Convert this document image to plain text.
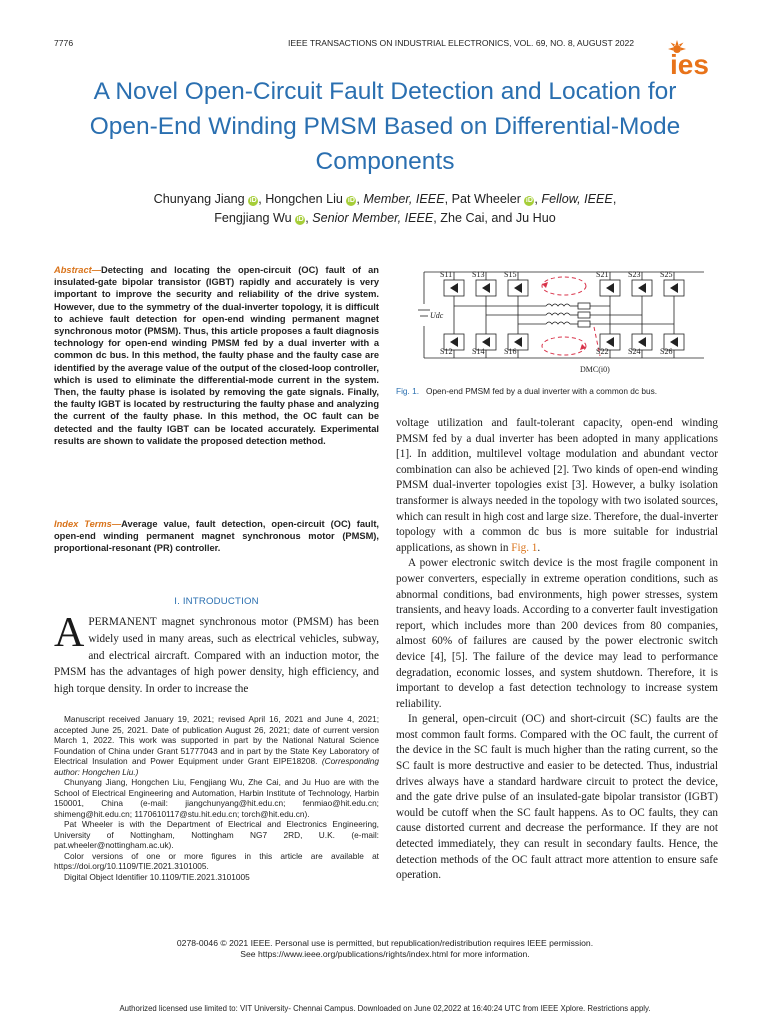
7776	IEEE TRANSACTIONS ON INDUSTRIAL ELECTRONICS, VOL. 69, NO. 8, AUGUST 2022
ies
A Novel Open-Circuit Fault Detection and Location for Open-End Winding PMSM Based on Differential-Mode Components
Chunyang Jiang iD , Hongchen Liu iD , Member, IEEE, Pat Wheeler iD , Fellow, IEEE,
Fengjiang Wu iD , Senior Member, IEEE, Zhe Cai, and Ju Huo
Abstract—Detecting and locating the open-circuit (OC) fault of an insulated-gate bipolar transistor (IGBT) rapidly and accurately is very important to improve the security and reliability of the drive system. However, due to the symmetry of the dual-inverter topology, it is difficult to achieve fault detection for open-end winding permanent magnet synchronous motor (PMSM). Thus, this article proposes a fault diagnosis technology for open-end winding PMSM fed by a dual inverter with a common dc bus. In this method, the faulty phase and the faulty case are identified by the average value of the output of the closed-loop controller, which is used to eliminate the differential-mode current in the system. Then, the faulty phase is isolated by removing the gate signals. Finally, the faulty IGBT is located by restructuring the faulty phase and analyzing the current of the faulty phase. In this method, the OC fault can be detected and the faulty IGBT can be located accurately. Experimental results are shown to validate the proposed detection method.
Index Terms—Average value, fault detection, open-circuit (OC) fault, open-end winding permanent magnet synchronous motor (PMSM), proportional-resonant (PR) controller.
I. INTRODUCTION
APERMANENT magnet synchronous motor (PMSM) has been widely used in many areas, such as electrical vehicles, subway, and electrical aircraft. Compared with an induction motor, the PMSM has the advantages of high power density, high efficiency, and high torque density. In order to increase the

Manuscript received January 19, 2021; revised April 16, 2021 and June 4, 2021; accepted June 25, 2021. Date of publication August 26, 2021; date of current version March 1, 2022. This work was supported in part by the National Natural Science Foundation of China under Grant 51777043 and in part by the State Key Laboratory of Electrical Insulation and Power Equipment under Grant EIPE18208. (Corresponding author: Hongchen Liu.)

Chunyang Jiang, Hongchen Liu, Fengjiang Wu, Zhe Cai, and Ju Huo are with the School of Electrical Engineering and Automation, Harbin Institute of Technology, Harbin 150001, China (e-mail: jiangchunyang@hit.edu.cn; fenmiao@hit.edu.cn; shimeng@hit.edu.cn; 1170610117@stu.hit.edu.cn; torch@hit.edu.cn).

Pat Wheeler is with the Department of Electrical and Electronics Engineering, University of Nottingham, Nottingham NG7 2RD, U.K. (e-mail: pat.wheeler@nottingham.ac.uk).

Color versions of one or more figures in this article are available at https://doi.org/10.1109/TIE.2021.3101005.

Digital Object Identifier 10.1109/TIE.2021.3101005

S11 S13 S15	S21 S23 S25
S12 S14 S16	S22 S24 S26
Udc
DMC(i0)
Fig. 1. Open-end PMSM fed by a dual inverter with a common dc bus.

voltage utilization and fault-tolerant capacity, open-end winding PMSM fed by a dual inverter has been adopted in many applications [1]. In addition, multilevel voltage modulation and abundant vector combination can also be achieved [2]. Two kinds of open-end winding PMSM dual-inverter topologies exist [3]. However, a bulky isolation transformer is always needed in the topology with two isolated sources, which can result in high cost and large size. Therefore, the dual-inverter topology with a common dc bus is more suitable for industrial applications, as shown in Fig. 1.

A power electronic switch device is the most fragile component in power converters, especially in extreme operation conditions, such as abnormal conditions, bad environments, high power stresses, system transients, and heavy loads. According to a converter fault investigation report, which includes more than 200 devices from 80 companies, almost 60% of failures are caused by the power electronic switch device [4], [5]. The failure of the device may lead to performance degradation, economic losses, and system shutdown. Therefore, it is important to develop a fast detection technology to increase system reliability.

In general, open-circuit (OC) and short-circuit (SC) faults are the most common fault forms. Compared with the OC fault, the current of the device in the SC fault is much higher than the rating current, so the SC fault is more destructive and easier to be detected. Thus, industrial drives always have a standard hardware circuit to protect the device, and the gate drive pulse of an insulated-gate bipolar transistor (IGBT) would be cutoff when the SC fault happens. As to OC faults, they can cause distorted current and decrease the performance. If they are not detected immediately, they can result in secondary faults. Hence, the detection methods of the OC fault attract more attention to ensure safe operation.

0278-0046 © 2021 IEEE. Personal use is permitted, but republication/redistribution requires IEEE permission.
See https://www.ieee.org/publications/rights/index.html for more information.
Authorized licensed use limited to: VIT University- Chennai Campus. Downloaded on June 02,2022 at 16:40:24 UTC from IEEE Xplore. Restrictions apply.
